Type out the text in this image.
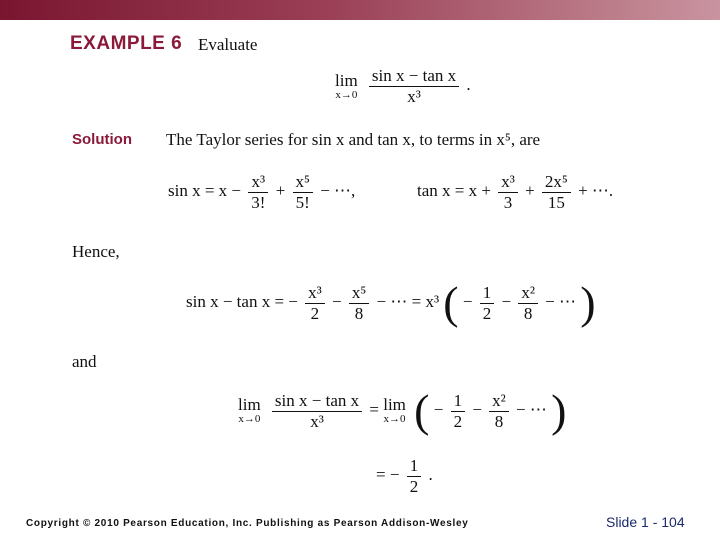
EXAMPLE 6 Evaluate
lim
x→0
$\frac{\text{sin x − tan x}}{\text{x³}}$ .
Solution The Taylor series for sin x and tan x, to terms in x⁵, are
$\sin x = x - \frac{\text{x³}}{3!} + \frac{\text{x⁵}}{5!}$ − ⋯,	$\tan x = x + \frac{\text{x³}}{3} + \frac{\text{2x⁵}}{15}$ + ⋯.
Hence,
sin x − tan x = − $\frac{\text{x³}}{2} - \frac{\text{x⁵}}{8}$ − ⋯ = x³ ( − $\frac{1}{2} - \frac{\text{x²}}{8}$ − ⋯ )
and
lim
x→0
$\frac{\text{sin x − tan x}}{\text{x³}} = \lim$
x→0 ( − $\frac{1}{2} - \frac{\text{x²}}{8}$ − ⋯ )
= − $\frac{1}{2}$ .
Copyright © 2010 Pearson Education, Inc. Publishing as Pearson Addison-Wesley	Slide 1 - 104
